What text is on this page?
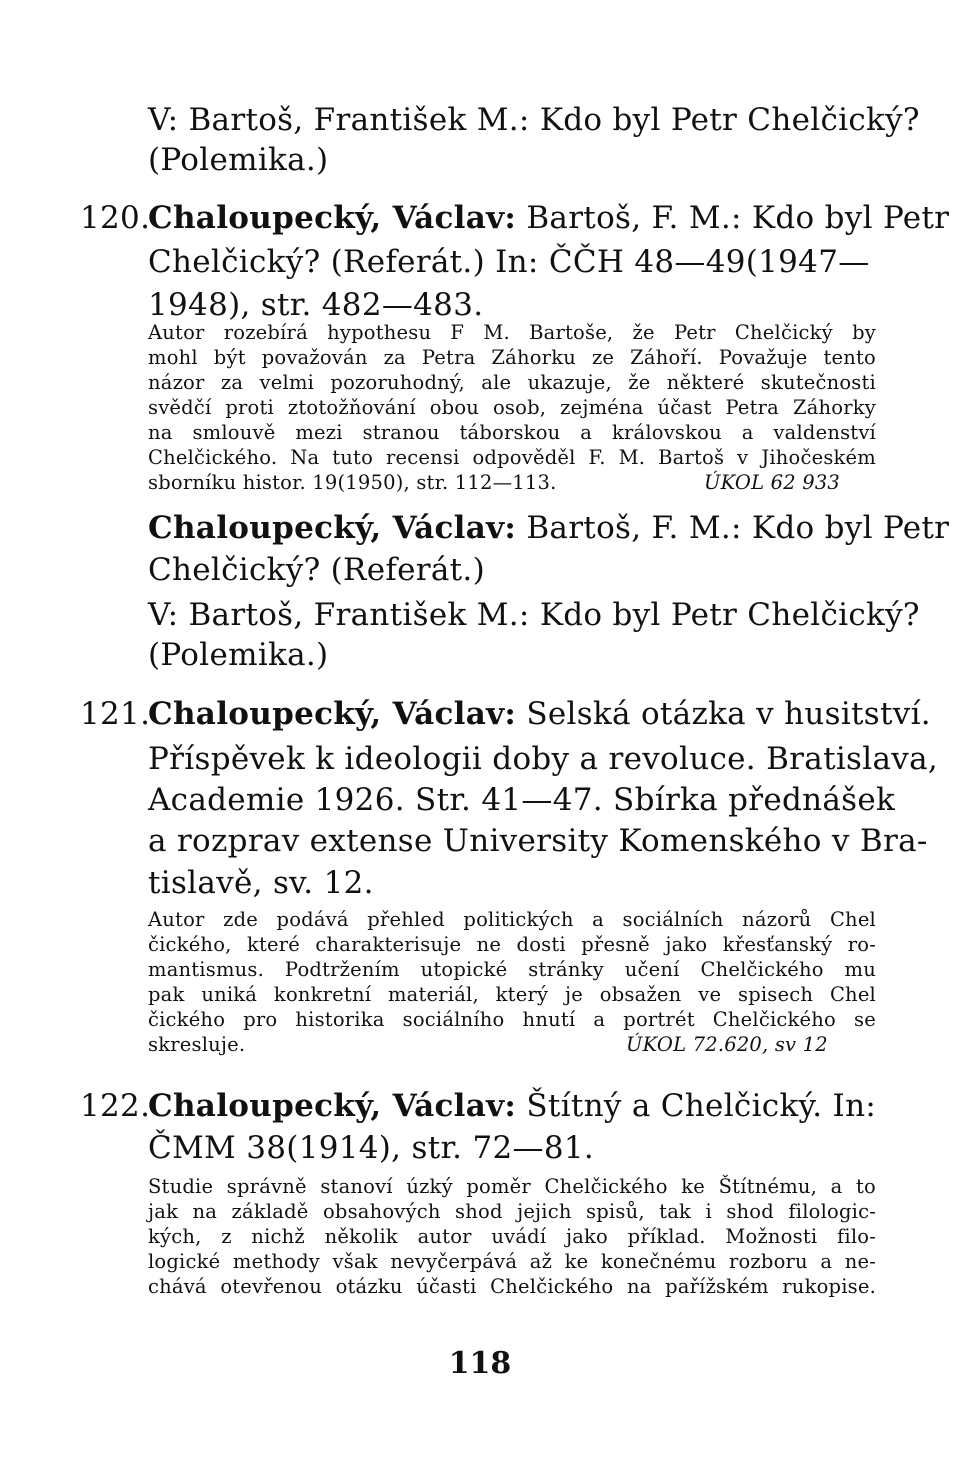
V: Bartoš, František M.: Kdo byl Petr Chelčický?
(Polemika.)
120.
Chaloupecký, Václav: Bartoš, F. M.: Kdo byl Petr
Chelčický? (Referát.) In: ČČH 48—49(1947—
1948), str. 482—483.
Autor rozebírá hypothesu F M. Bartoše, že Petr Chelčický by
mohl být považován za Petra Záhorku ze Záhoří. Považuje tento
názor za velmi pozoruhodný, ale ukazuje, že některé skutečnosti
svědčí proti ztotožňování obou osob, zejména účast Petra Záhorky
na smlouvě mezi stranou táborskou a královskou a valdenství
Chelčického. Na tuto recensi odpověděl F. M. Bartoš v Jihočeském
sborníku histor. 19(1950), str. 112—113.	ÚKOL 62 933
Chaloupecký, Václav: Bartoš, F. M.: Kdo byl Petr
Chelčický? (Referát.)
V: Bartoš, František M.: Kdo byl Petr Chelčický?
(Polemika.)
121.
Chaloupecký, Václav: Selská otázka v husitství.
Příspěvek k ideologii doby a revoluce. Bratislava,
Academie 1926. Str. 41—47. Sbírka přednášek
a rozprav extense University Komenského v Bra-
tislavě, sv. 12.
Autor zde podává přehled politických a sociálních názorů Chel
čického, které charakterisuje ne dosti přesně jako křesťanský ro-
mantismus. Podtržením utopické stránky učení Chelčického mu
pak uniká konkretní materiál, který je obsažen ve spisech Chel
čického pro historika sociálního hnutí a portrét Chelčického se
skresluje.	ÚKOL 72.620, sv 12
122.
Chaloupecký, Václav: Štítný a Chelčický. In:
ČMM 38(1914), str. 72—81.
Studie správně stanoví úzký poměr Chelčického ke Štítnému, a to
jak na základě obsahových shod jejich spisů, tak i shod filologic-
kých, z nichž několik autor uvádí jako příklad. Možnosti filo-
logické methody však nevyčerpává až ke konečnému rozboru a ne-
chává otevřenou otázku účasti Chelčického na pařížském rukopise.
118
